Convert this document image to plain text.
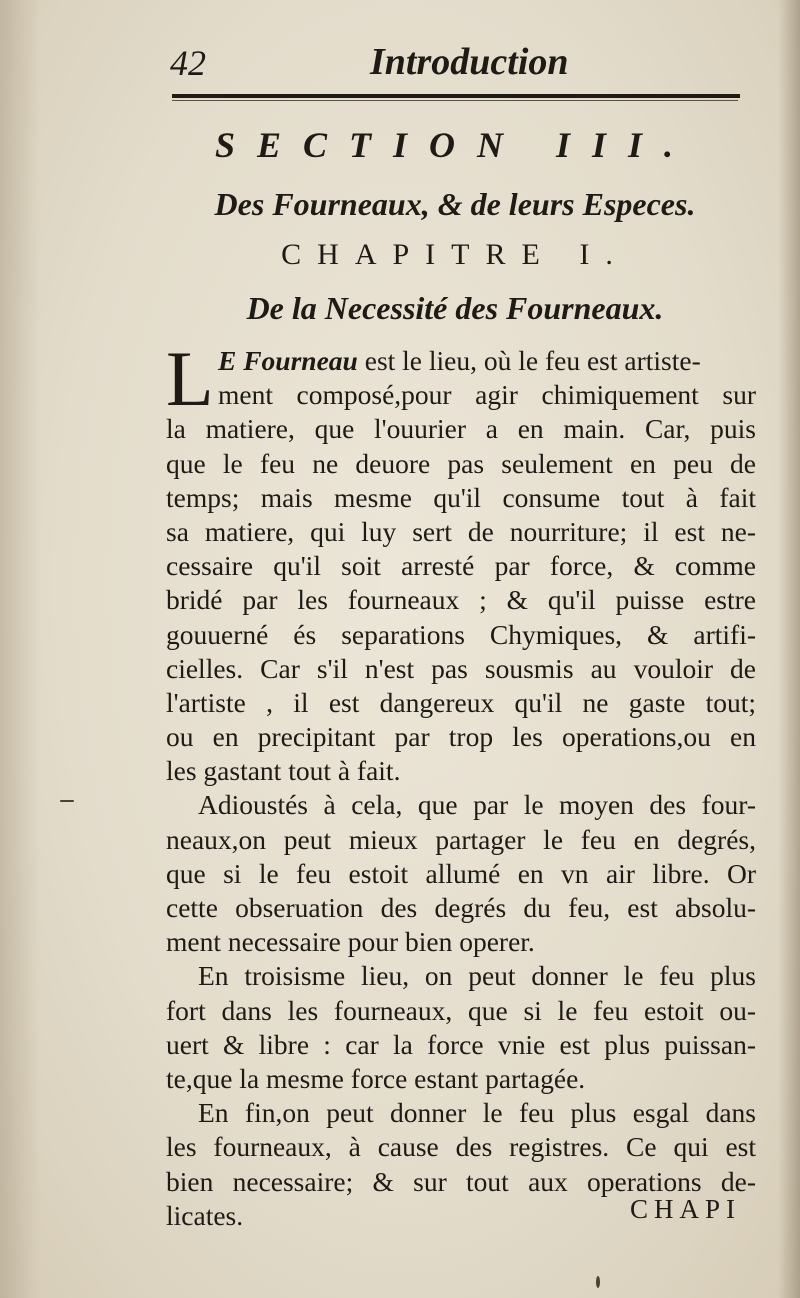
42	Introduction
SECTION III.
Des Fourneaux, & de leurs Especes.
CHAPITRE I.
De la Necessité des Fourneaux.
L E Fourneau est le lieu, où le feu est artiste-
ment composé,pour agir chimiquement sur
la matiere, que l'ouurier a en main. Car, puis
que le feu ne deuore pas seulement en peu de
temps; mais mesme qu'il consume tout à fait
sa matiere, qui luy sert de nourriture; il est ne-
cessaire qu'il soit arresté par force, & comme
bridé par les fourneaux ; & qu'il puisse estre
gouuerné és separations Chymiques, & artifi-
cielles. Car s'il n'est pas sousmis au vouloir de
l'artiste , il est dangereux qu'il ne gaste tout;
ou en precipitant par trop les operations,ou en
les gastant tout à fait.
Adioustés à cela, que par le moyen des four-
neaux,on peut mieux partager le feu en degrés,
que si le feu estoit allumé en vn air libre. Or
cette obseruation des degrés du feu, est absolu-
ment necessaire pour bien operer.
En troisisme lieu, on peut donner le feu plus
fort dans les fourneaux, que si le feu estoit ou-
uert & libre : car la force vnie est plus puissan-
te,que la mesme force estant partagée.
En fin,on peut donner le feu plus esgal dans
les fourneaux, à cause des registres. Ce qui est
bien necessaire; & sur tout aux operations de-
licates.	CHAPI
